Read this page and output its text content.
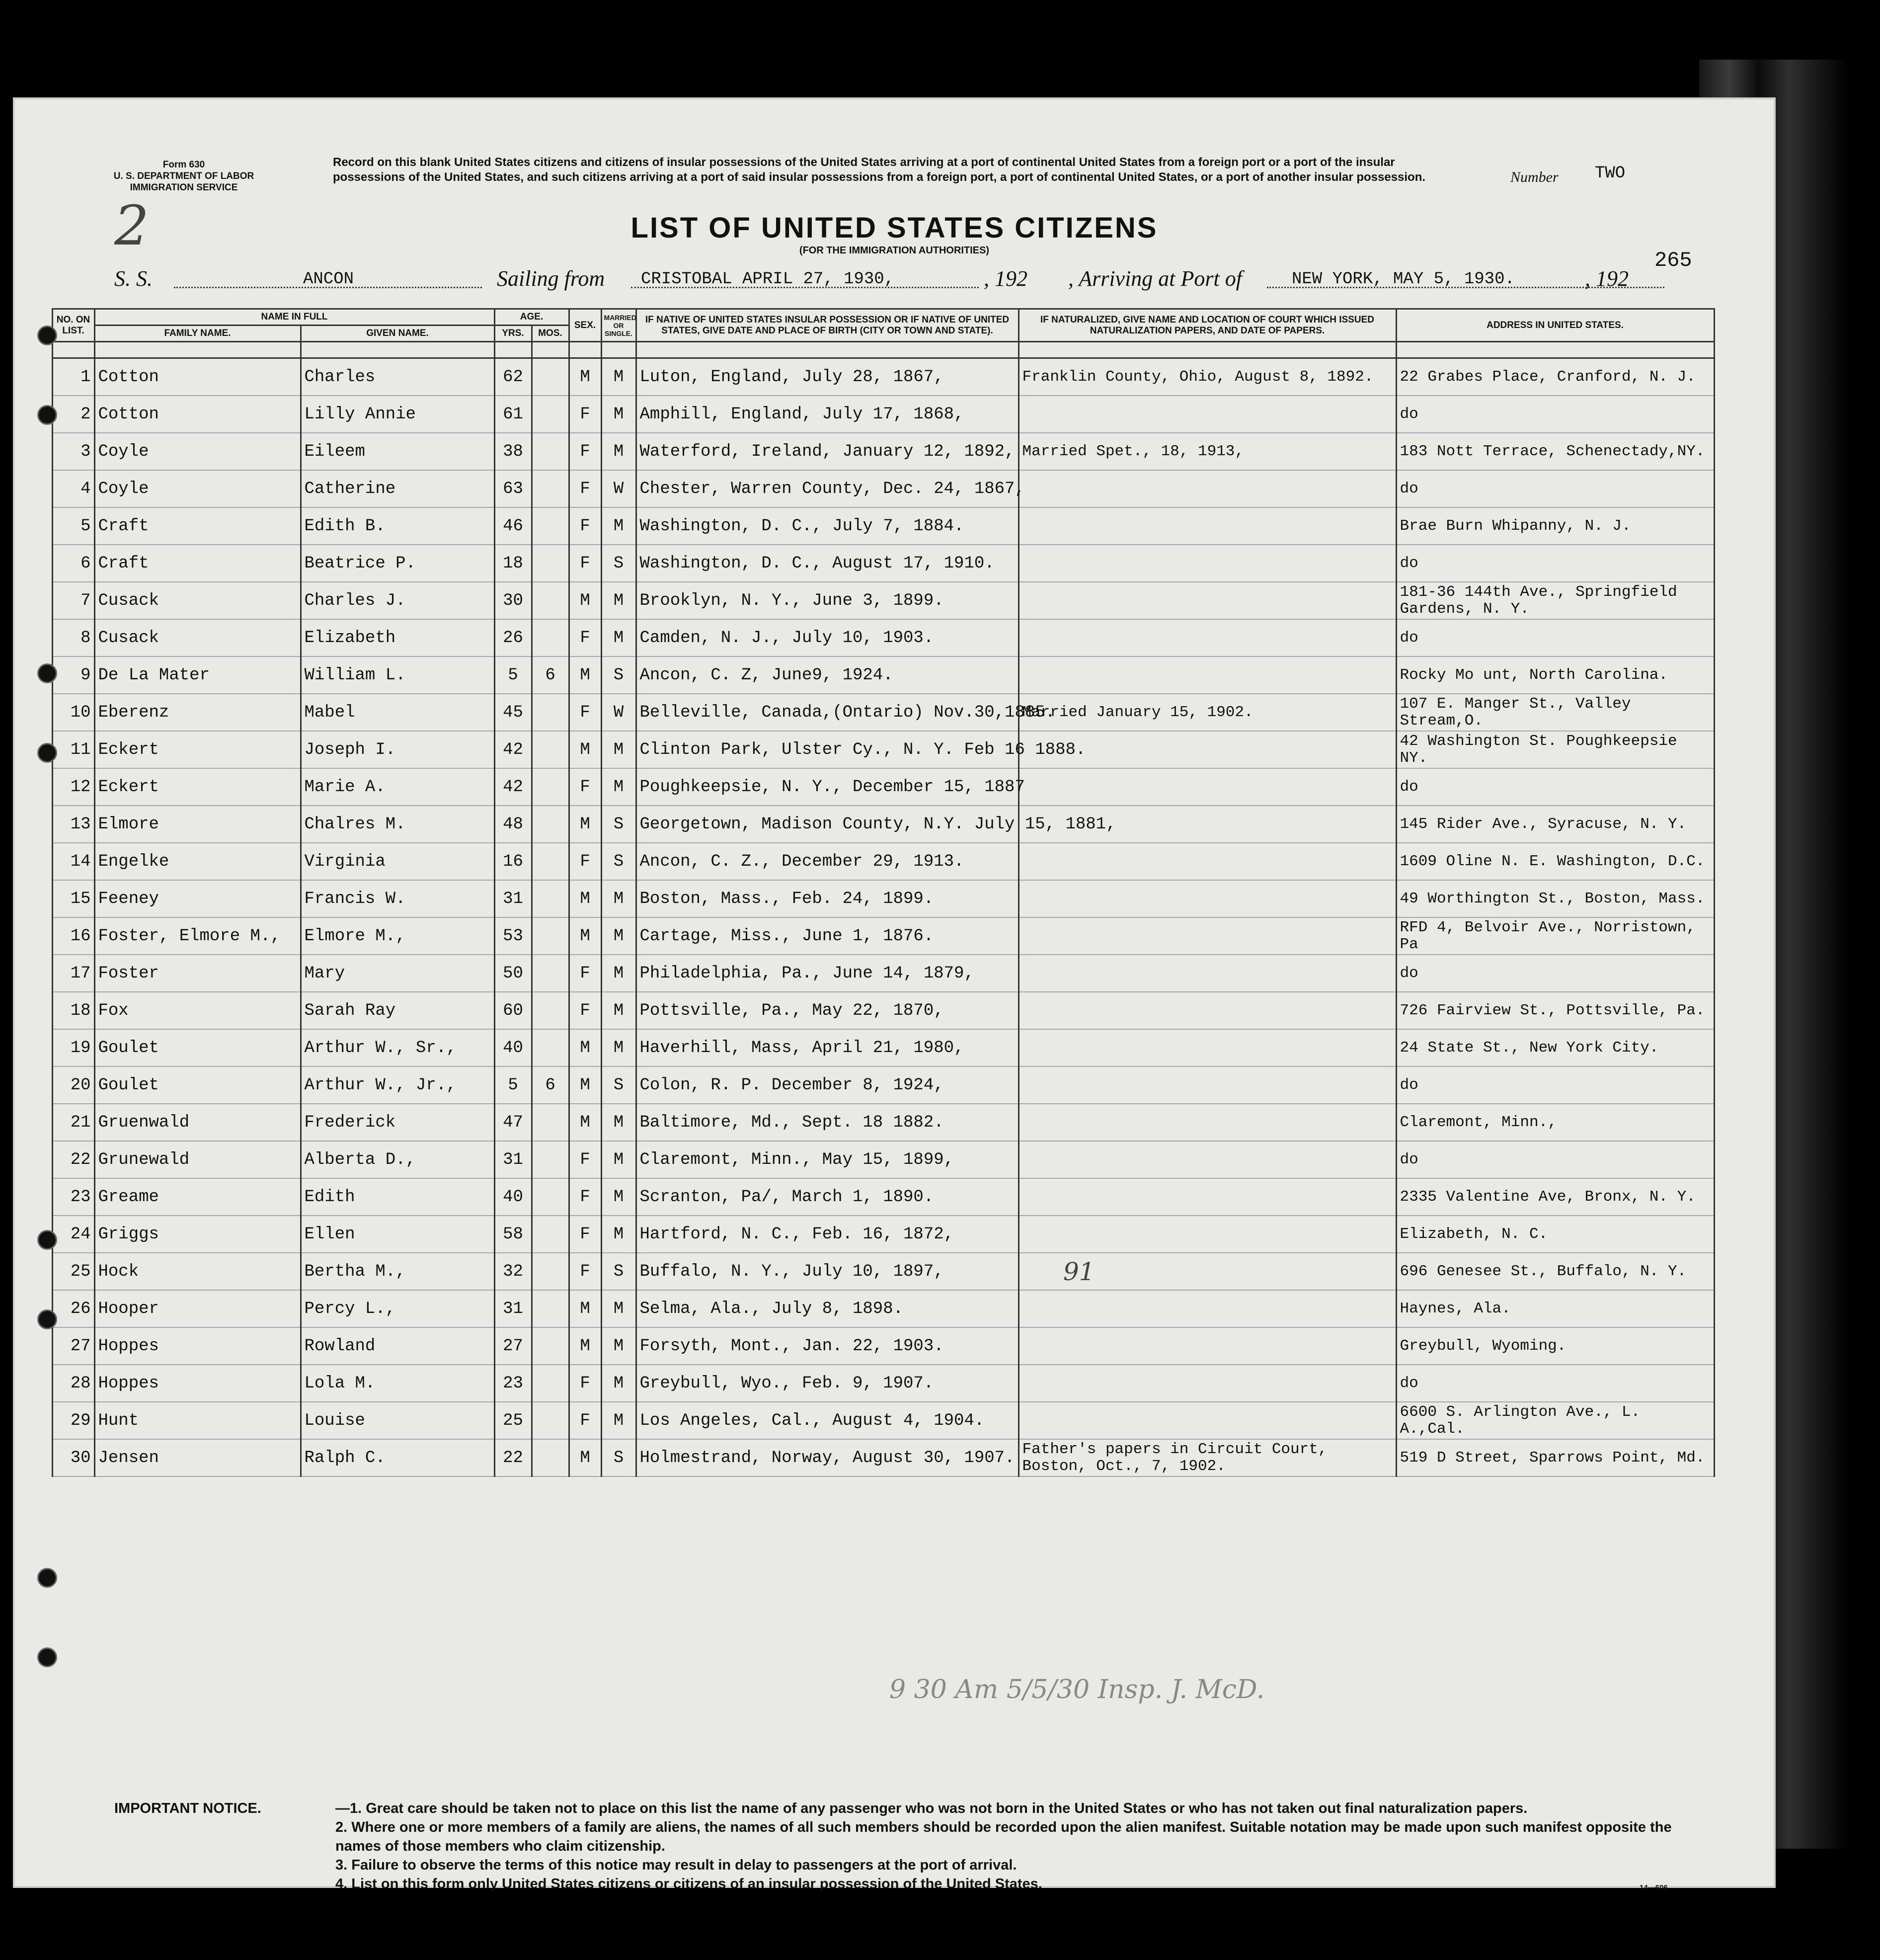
Form 630
U. S. DEPARTMENT OF LABOR
IMMIGRATION SERVICE
Record on this blank United States citizens and citizens of insular possessions of the United States arriving at a port of continental United States from a foreign port or a port of the insular possessions of the United States, and such citizens arriving at a port of said insular possessions from a foreign port, a port of continental United States, or a port of another insular possession.	Number TWO
2	LIST OF UNITED STATES CITIZENS
(FOR THE IMMIGRATION AUTHORITIES)	265
S. S.	ANCON	Sailing from CRISTOBAL APRIL 27, 1930,	, 192 , Arriving at Port of	NEW YORK, MAY 5, 1930.	, 192
	NO. ON LIST.	NAME IN FULL		AGE.		SEX.	MARRIED OR SINGLE.	IF NATIVE OF UNITED STATES INSULAR POSSESSION OR IF NATIVE OF UNITED STATES, GIVE DATE AND PLACE OF BIRTH (CITY OR TOWN AND STATE).	IF NATURALIZED, GIVE NAME AND LOCATION OF COURT WHICH ISSUED NATURALIZATION PAPERS, AND DATE OF PAPERS.	ADDRESS IN UNITED STATES.
		FAMILY NAME.	GIVEN NAME.	YRS.	MOS.					

	1	Cotton	Charles	62		M	M	Luton, England, July 28, 1867,	Franklin County, Ohio, August 8, 1892.	22 Grabes Place, Cranford, N. J.
	2	Cotton	Lilly Annie	61		F	M	Amphill, England, July 17, 1868,		do
	3	Coyle	Eileem	38		F	M	Waterford, Ireland, January 12, 1892,	Married Spet., 18, 1913,	183 Nott Terrace, Schenectady,NY.
	4	Coyle	Catherine	63		F	W	Chester, Warren County, Dec. 24, 1867,		do
	5	Craft	Edith B.	46		F	M	Washington, D. C., July 7, 1884.		Brae Burn Whipanny, N. J.
	6	Craft	Beatrice P.	18		F	S	Washington, D. C., August 17, 1910.		do
	7	Cusack	Charles J.	30		M	M	Brooklyn, N. Y., June 3, 1899.		181-36 144th Ave., Springfield Gardens, N. Y.
	8	Cusack	Elizabeth	26		F	M	Camden, N. J., July 10, 1903.		do
	9	De La Mater	William L.	5	6	M	S	Ancon, C. Z, June9, 1924.		Rocky Mo unt, North Carolina.
	10	Eberenz	Mabel	45		F	W	Belleville, Canada,(Ontario) Nov.30,1885.	Married January 15, 1902.	107 E. Manger St., Valley Stream,O.
	11	Eckert	Joseph I.	42		M	M	Clinton Park, Ulster Cy., N. Y. Feb 16 1888.		42 Washington St. Poughkeepsie NY.
	12	Eckert	Marie A.	42		F	M	Poughkeepsie, N. Y., December 15, 1887		do
	13	Elmore	Chalres M.	48		M	S	Georgetown, Madison County, N.Y. July 15, 1881,		145 Rider Ave., Syracuse, N. Y.
	14	Engelke	Virginia	16		F	S	Ancon, C. Z., December 29, 1913.		1609 Oline N. E. Washington, D.C.
	15	Feeney	Francis W.	31		M	M	Boston, Mass., Feb. 24, 1899.		49 Worthington St., Boston, Mass.
	16	Foster, Elmore M.,	Elmore M.,	53		M	M	Cartage, Miss., June 1, 1876.		RFD 4, Belvoir Ave., Norristown, Pa
	17	Foster	Mary	50		F	M	Philadelphia, Pa., June 14, 1879,		do
	18	Fox	Sarah Ray	60		F	M	Pottsville, Pa., May 22, 1870,		726 Fairview St., Pottsville, Pa.
	19	Goulet	Arthur W., Sr.,	40		M	M	Haverhill, Mass, April 21, 1980,		24 State St., New York City.
	20	Goulet	Arthur W., Jr.,	5	6	M	S	Colon, R. P. December 8, 1924,		do
	21	Gruenwald	Frederick	47		M	M	Baltimore, Md., Sept. 18 1882.		Claremont, Minn.,
	22	Grunewald	Alberta D.,	31		F	M	Claremont, Minn., May 15, 1899,		do
	23	Greame	Edith	40		F	M	Scranton, Pa/, March 1, 1890.		2335 Valentine Ave, Bronx, N. Y.
	24	Griggs	Ellen	58		F	M	Hartford, N. C., Feb. 16, 1872,		Elizabeth, N. C.
	25	Hock	Bertha M.,	32		F	S	Buffalo, N. Y., July 10, 1897,		696 Genesee St., Buffalo, N. Y.
	26	Hooper	Percy L.,	31		M	M	Selma, Ala., July 8, 1898.		Haynes, Ala.
	27	Hoppes	Rowland	27		M	M	Forsyth, Mont., Jan. 22, 1903.		Greybull, Wyoming.
	28	Hoppes	Lola M.	23		F	M	Greybull, Wyo., Feb. 9, 1907.		do
	29	Hunt	Louise	25		F	M	Los Angeles, Cal., August 4, 1904.		6600 S. Arlington Ave., L. A.,Cal.
	30	Jensen	Ralph C.	22		M	S	Holmestrand, Norway, August 30, 1907.	Father's papers in Circuit Court, Boston, Oct., 7, 1902.	519 D Street, Sparrows Point, Md.
91
9 30 Am 5/5/30 Insp. J. McD.
IMPORTANT NOTICE.	—1. Great care should be taken not to place on this list the name of any passenger who was not born in the United States or who has not taken out final naturalization papers.
2. Where one or more members of a family are aliens, the names of all such members should be recorded upon the alien manifest. Suitable notation may be made upon such manifest opposite the names of those members who claim citizenship.
3. Failure to observe the terms of this notice may result in delay to passengers at the port of arrival.
4. List on this form only United States citizens or citizens of an insular possession of the United States.	14—606
